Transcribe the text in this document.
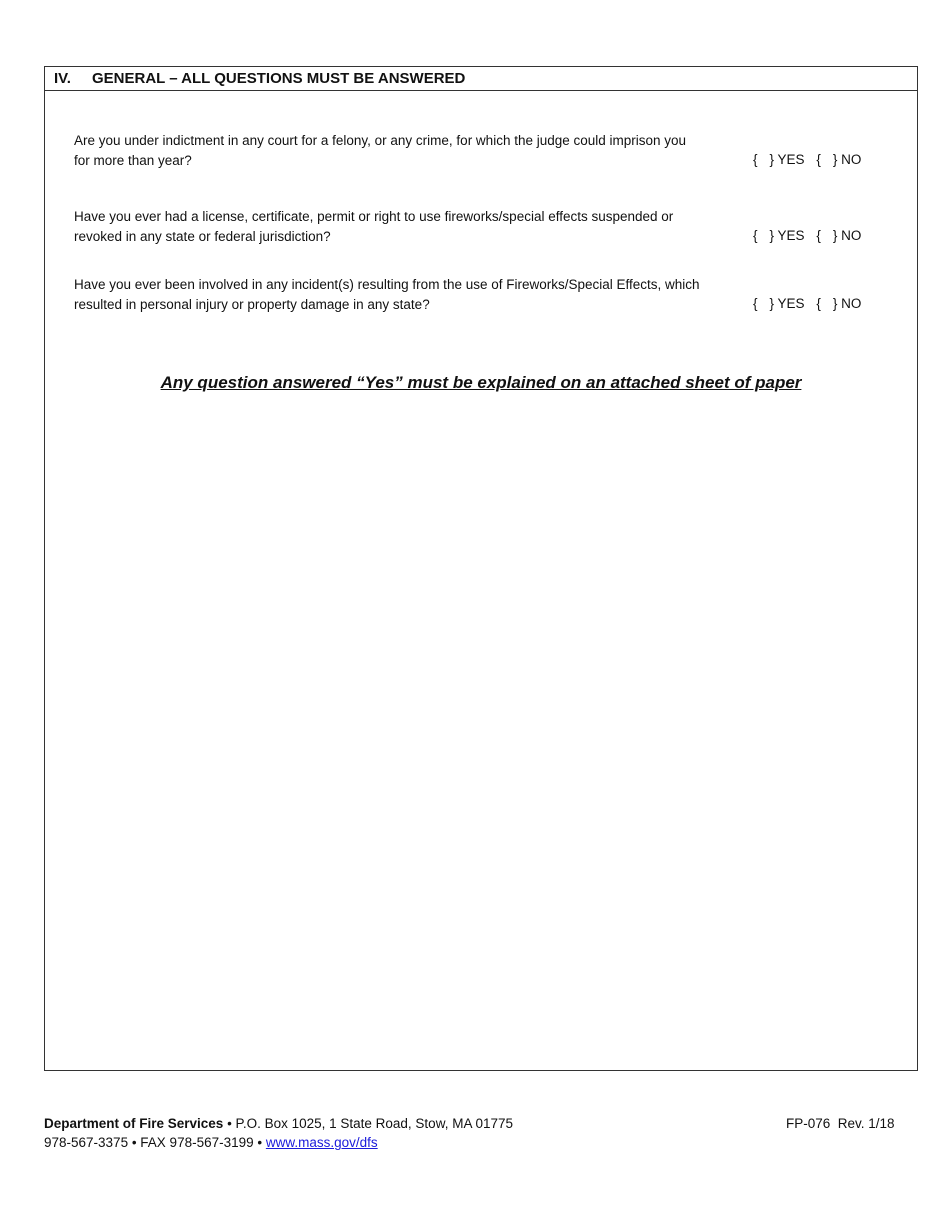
IV. GENERAL – ALL QUESTIONS MUST BE ANSWERED
Are you under indictment in any court for a felony, or any crime, for which the judge could imprison you
for more than year?	{ } YES { } NO
Have you ever had a license, certificate, permit or right to use fireworks/special effects suspended or
revoked in any state or federal jurisdiction?	{ } YES { } NO
Have you ever been involved in any incident(s) resulting from the use of Fireworks/Special Effects, which
resulted in personal injury or property damage in any state?	{ } YES { } NO
Any question answered “Yes” must be explained on an attached sheet of paper
Department of Fire Services • P.O. Box 1025, 1 State Road, Stow, MA 01775
978-567-3375 • FAX 978-567-3199 • www.mass.gov/dfs
FP-076  Rev. 1/18
